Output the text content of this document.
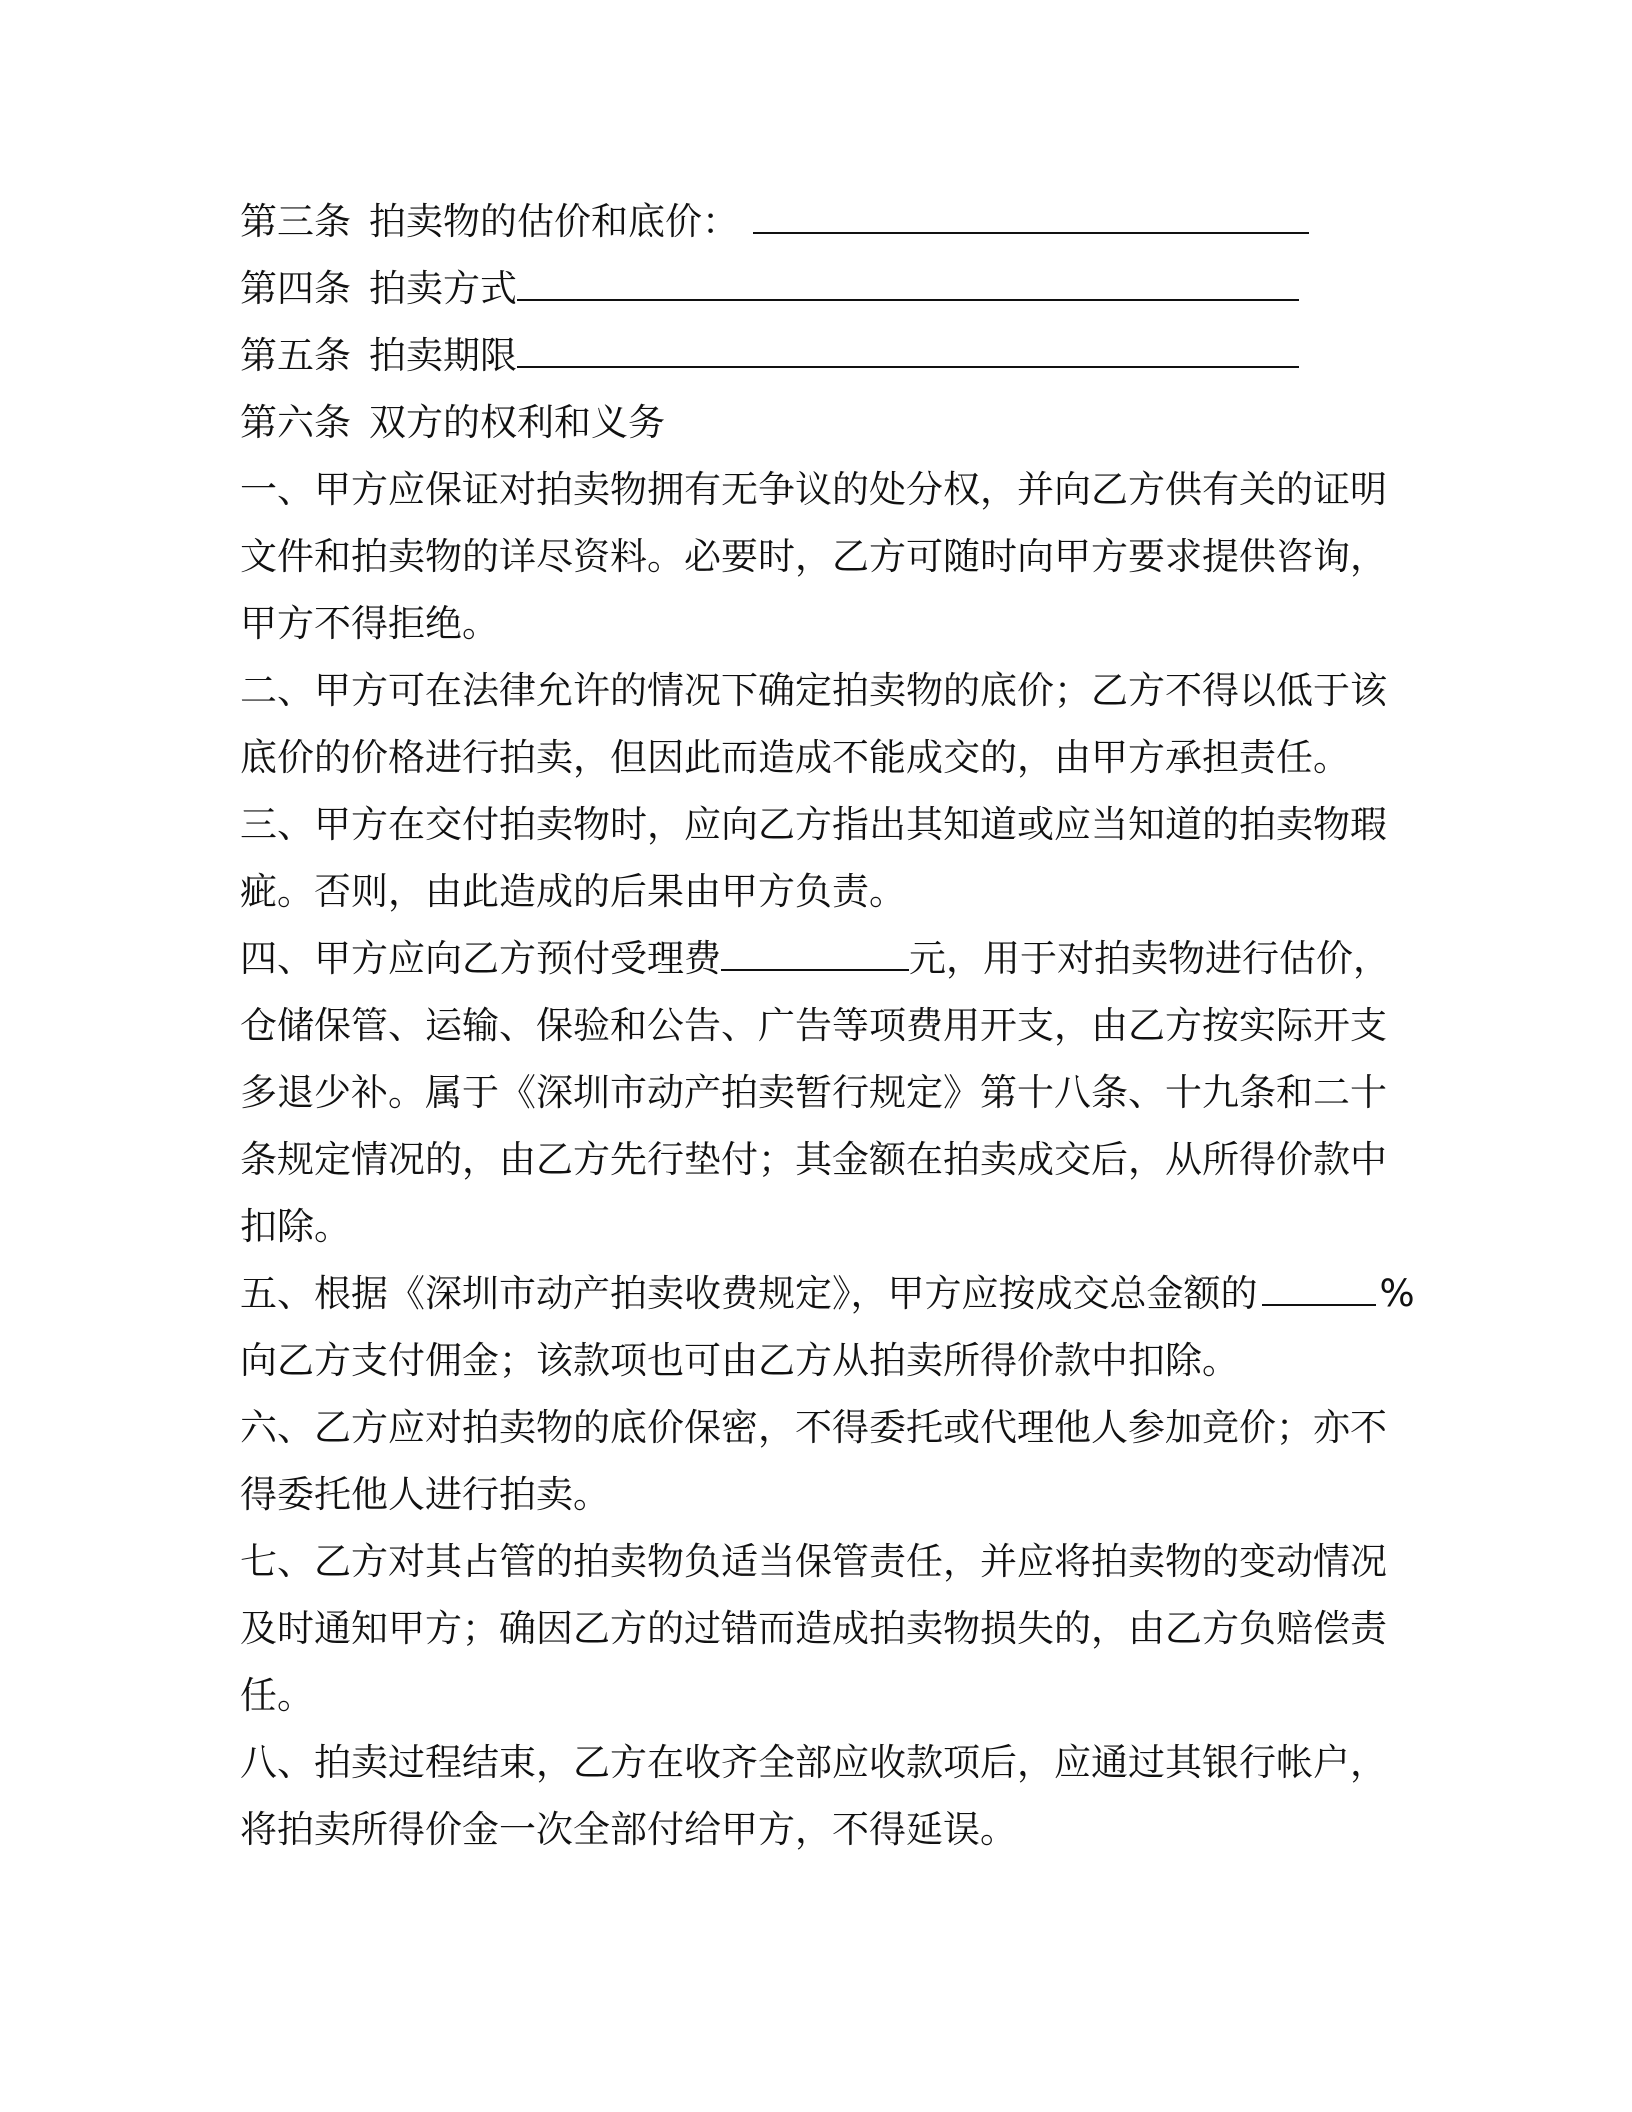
第三条 拍卖物的估价和底价：
第四条 拍卖方式
第五条 拍卖期限
第六条 双方的权利和义务
一、甲方应保证对拍卖物拥有无争议的处分权，并向乙方供有关的证明
文件和拍卖物的详尽资料。必要时，乙方可随时向甲方要求提供咨询，
甲方不得拒绝。
二、甲方可在法律允许的情况下确定拍卖物的底价；乙方不得以低于该
底价的价格进行拍卖，但因此而造成不能成交的，由甲方承担责任。
三、甲方在交付拍卖物时，应向乙方指出其知道或应当知道的拍卖物瑕
疵。否则，由此造成的后果由甲方负责。
四、甲方应向乙方预付受理费	元，用于对拍卖物进行估价，
仓储保管、运输、保验和公告、广告等项费用开支，由乙方按实际开支
多退少补。属于《深圳市动产拍卖暂行规定》第十八条、十九条和二十
条规定情况的，由乙方先行垫付；其金额在拍卖成交后，从所得价款中
扣除。
五、根据《深圳市动产拍卖收费规定》，甲方应按成交总金额的	%
向乙方支付佣金；该款项也可由乙方从拍卖所得价款中扣除。
六、乙方应对拍卖物的底价保密，不得委托或代理他人参加竞价；亦不
得委托他人进行拍卖。
七、乙方对其占管的拍卖物负适当保管责任，并应将拍卖物的变动情况
及时通知甲方；确因乙方的过错而造成拍卖物损失的，由乙方负赔偿责
任。
八、拍卖过程结束，乙方在收齐全部应收款项后，应通过其银行帐户，
将拍卖所得价金一次全部付给甲方，不得延误。
